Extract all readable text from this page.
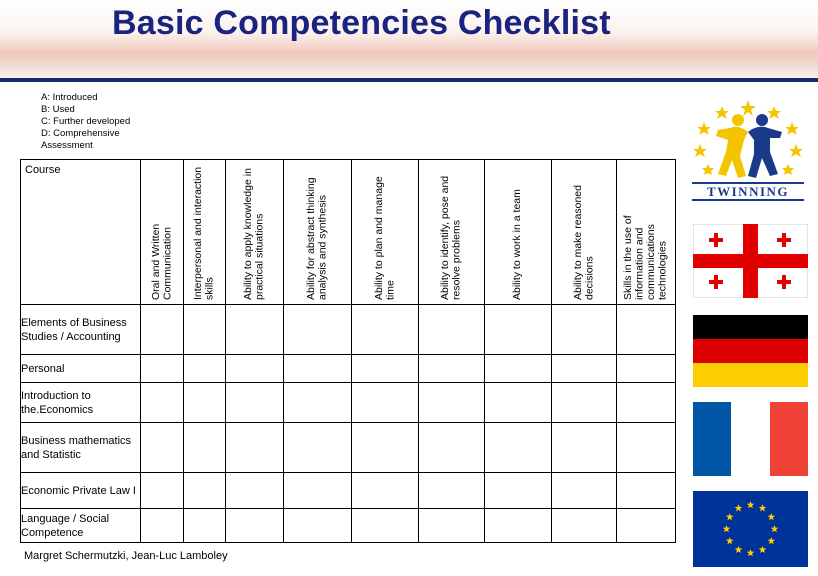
Basic Competencies Checklist
A: Introduced
B: Used
C: Further developed
D: Comprehensive
Assessment
Course	Oral and Written Communication	Interpersonal and interaction skills	Ability to apply knowledge in practical situations	Ability for abstract thinking analysis and synthesis	Ability to plan and manage time	Ability to identify, pose and resolve problems	Ability to work in a team	Ability to make reasoned decisions	Skills in the use of information and communications technologies

Elements of Business Studies / Accounting									
Personal									
Introduction to the.Economics									
Business mathematics and Statistic									
Economic Private Law I									
Language / Social Competence									
Margret Schermutzki, Jean-Luc Lamboley
TWINNING
